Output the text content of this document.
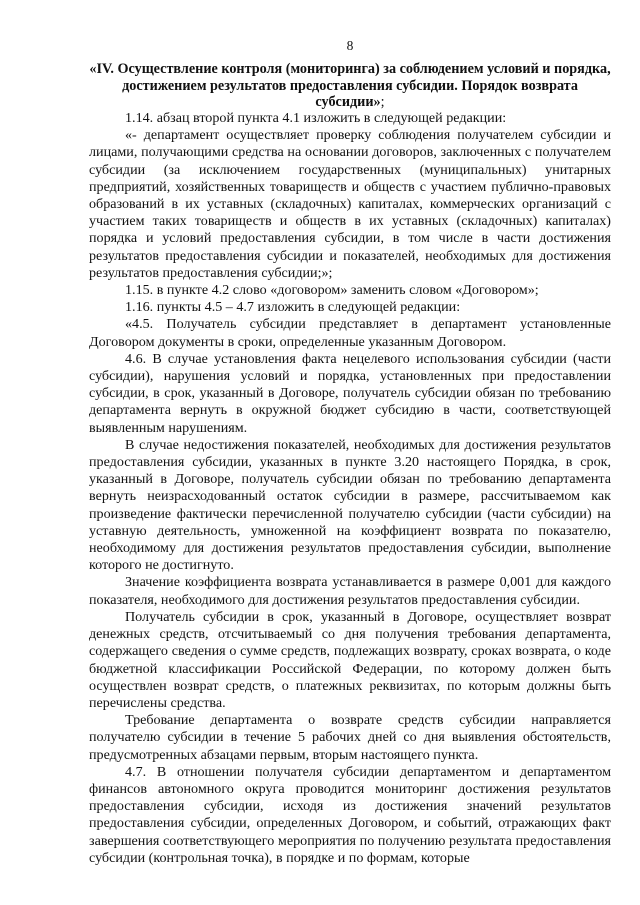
8
«IV. Осуществление контроля (мониторинга) за соблюдением условий и порядка, достижением результатов предоставления субсидии. Порядок возврата субсидии»;

1.14. абзац второй пункта 4.1 изложить в следующей редакции:

«- департамент осуществляет проверку соблюдения получателем субсидии и лицами, получающими средства на основании договоров, заключенных с получателем субсидии (за исключением государственных (муниципальных) унитарных предприятий, хозяйственных товариществ и обществ с участием публично-правовых образований в их уставных (складочных) капиталах, коммерческих организаций с участием таких товариществ и обществ в их уставных (складочных) капиталах) порядка и условий предоставления субсидии, в том числе в части достижения результатов предоставления субсидии и показателей, необходимых для достижения результатов предоставления субсидии;»;

1.15. в пункте 4.2 слово «договором» заменить словом «Договором»;

1.16. пункты 4.5 – 4.7 изложить в следующей редакции:

«4.5. Получатель субсидии представляет в департамент установленные Договором документы в сроки, определенные указанным Договором.

4.6. В случае установления факта нецелевого использования субсидии (части субсидии), нарушения условий и порядка, установленных при предоставлении субсидии, в срок, указанный в Договоре, получатель субсидии обязан по требованию департамента вернуть в окружной бюджет субсидию в части, соответствующей выявленным нарушениям.

В случае недостижения показателей, необходимых для достижения результатов предоставления субсидии, указанных в пункте 3.20 настоящего Порядка, в срок, указанный в Договоре, получатель субсидии обязан по требованию департамента вернуть неизрасходованный остаток субсидии в размере, рассчитываемом как произведение фактически перечисленной получателю субсидии (части субсидии) на уставную деятельность, умноженной на коэффициент возврата по показателю, необходимому для достижения результатов предоставления субсидии, выполнение которого не достигнуто.

Значение коэффициента возврата устанавливается в размере 0,001 для каждого показателя, необходимого для достижения результатов предоставления субсидии.

Получатель субсидии в срок, указанный в Договоре, осуществляет возврат денежных средств, отсчитываемый со дня получения требования департамента, содержащего сведения о сумме средств, подлежащих возврату, сроках возврата, о коде бюджетной классификации Российской Федерации, по которому должен быть осуществлен возврат средств, о платежных реквизитах, по которым должны быть перечислены средства.

Требование департамента о возврате средств субсидии направляется получателю субсидии в течение 5 рабочих дней со дня выявления обстоятельств, предусмотренных абзацами первым, вторым настоящего пункта.

4.7. В отношении получателя субсидии департаментом и департаментом финансов автономного округа проводится мониторинг достижения результатов предоставления субсидии, исходя из достижения значений результатов предоставления субсидии, определенных Договором, и событий, отражающих факт завершения соответствующего мероприятия по получению результата предоставления субсидии (контрольная точка), в порядке и по формам, которые
